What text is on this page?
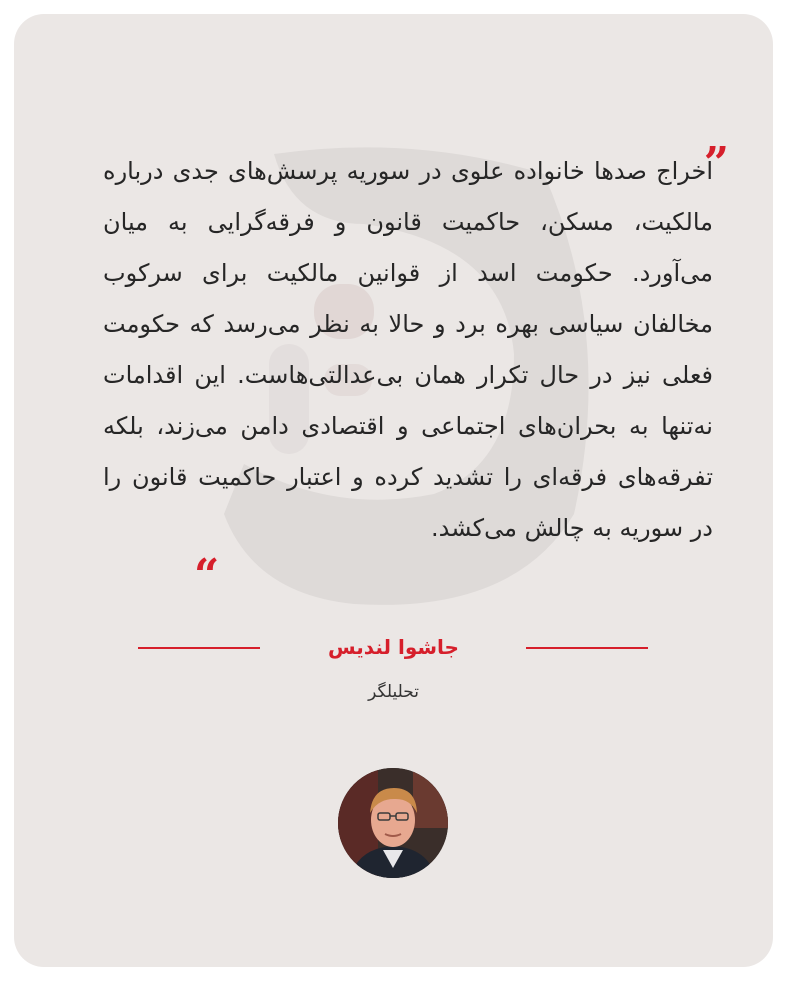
”
اخراج صدها خانواده علوی در سوریه پرسش‌های جدی درباره مالکیت، مسکن، حاکمیت قانون و فرقه‌گرایی به میان می‌آورد. حکومت اسد از قوانین مالکیت برای سرکوب مخالفان سیاسی بهره برد و حالا به نظر می‌رسد که حکومت فعلی نیز در حال تکرار همان بی‌عدالتی‌هاست. این اقدامات نه‌تنها به بحران‌های اجتماعی و اقتصادی دامن می‌زند، بلکه تفرقه‌های فرقه‌ای را تشدید کرده و اعتبار حاکمیت قانون را در سوریه به چالش می‌کشد.
“
جاشوا لندیس
تحلیلگر
